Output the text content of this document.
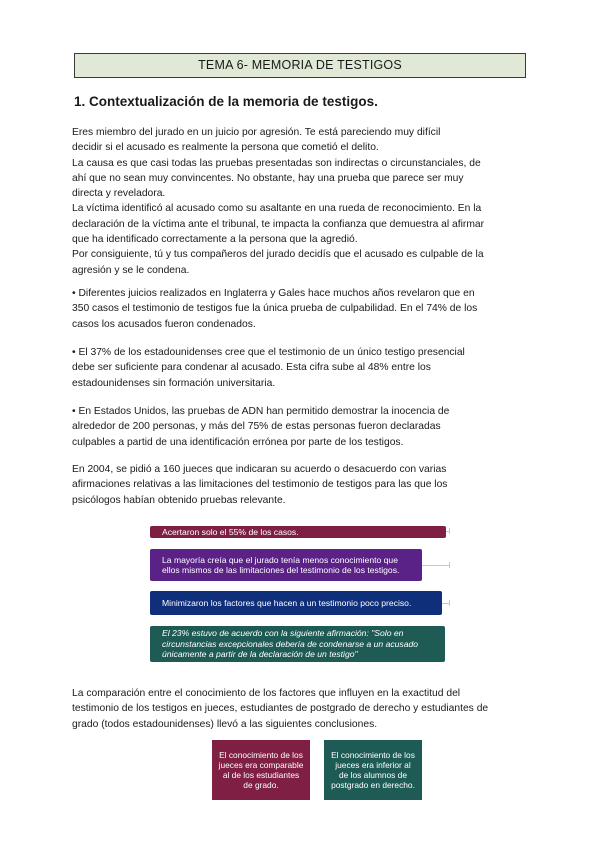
TEMA 6- MEMORIA DE TESTIGOS
1. Contextualización de la memoria de testigos.

Eres miembro del jurado en un juicio por agresión. Te está pareciendo muy difícil

decidir si el acusado es realmente la persona que cometió el delito.

La causa es que casi todas las pruebas presentadas son indirectas o circunstanciales, de

ahí que no sean muy convincentes. No obstante, hay una prueba que parece ser muy

directa y reveladora.

La víctima identificó al acusado como su asaltante en una rueda de reconocimiento. En la

declaración de la víctima ante el tribunal, te impacta la confianza que demuestra al afirmar

que ha identificado correctamente a la persona que la agredió.

Por consiguiente, tú y tus compañeros del jurado decidís que el acusado es culpable de la

agresión y se le condena.

• Diferentes juicios realizados en Inglaterra y Gales hace muchos años revelaron que en

350 casos el testimonio de testigos fue la única prueba de culpabilidad. En el 74% de los

casos los acusados fueron condenados.

• El 37% de los estadounidenses cree que el testimonio de un único testigo presencial

debe ser suficiente para condenar al acusado. Esta cifra sube al 48% entre los

estadounidenses sin formación universitaria.

• En Estados Unidos, las pruebas de ADN han permitido demostrar la inocencia de

alrededor de 200 personas, y más del 75% de estas personas fueron declaradas

culpables a partid de una identificación errónea por parte de los testigos.

En 2004, se pidió a 160 jueces que indicaran su acuerdo o desacuerdo con varias

afirmaciones relativas a las limitaciones del testimonio de testigos para las que los

psicólogos habían obtenido pruebas relevante.

Acertaron solo el 55% de los casos.
La mayoría creía que el jurado tenía menos conocimiento que ellos mismos de las limitaciones del testimonio de los testigos.
Minimizaron los factores que hacen a un testimonio poco preciso.
El 23% estuvo de acuerdo con la siguiente afirmación: "Solo en circunstancias excepcionales debería de condenarse a un acusado únicamente a partir de la declaración de un testigo"

La comparación entre el conocimiento de los factores que influyen en la exactitud del

testimonio de los testigos en jueces, estudiantes de postgrado de derecho y estudiantes de

grado (todos estadounidenses) llevó a las siguientes conclusiones.

El conocimiento de los jueces era comparable al de los estudiantes de grado.
El conocimiento de los jueces era inferior al de los alumnos de postgrado en derecho.
